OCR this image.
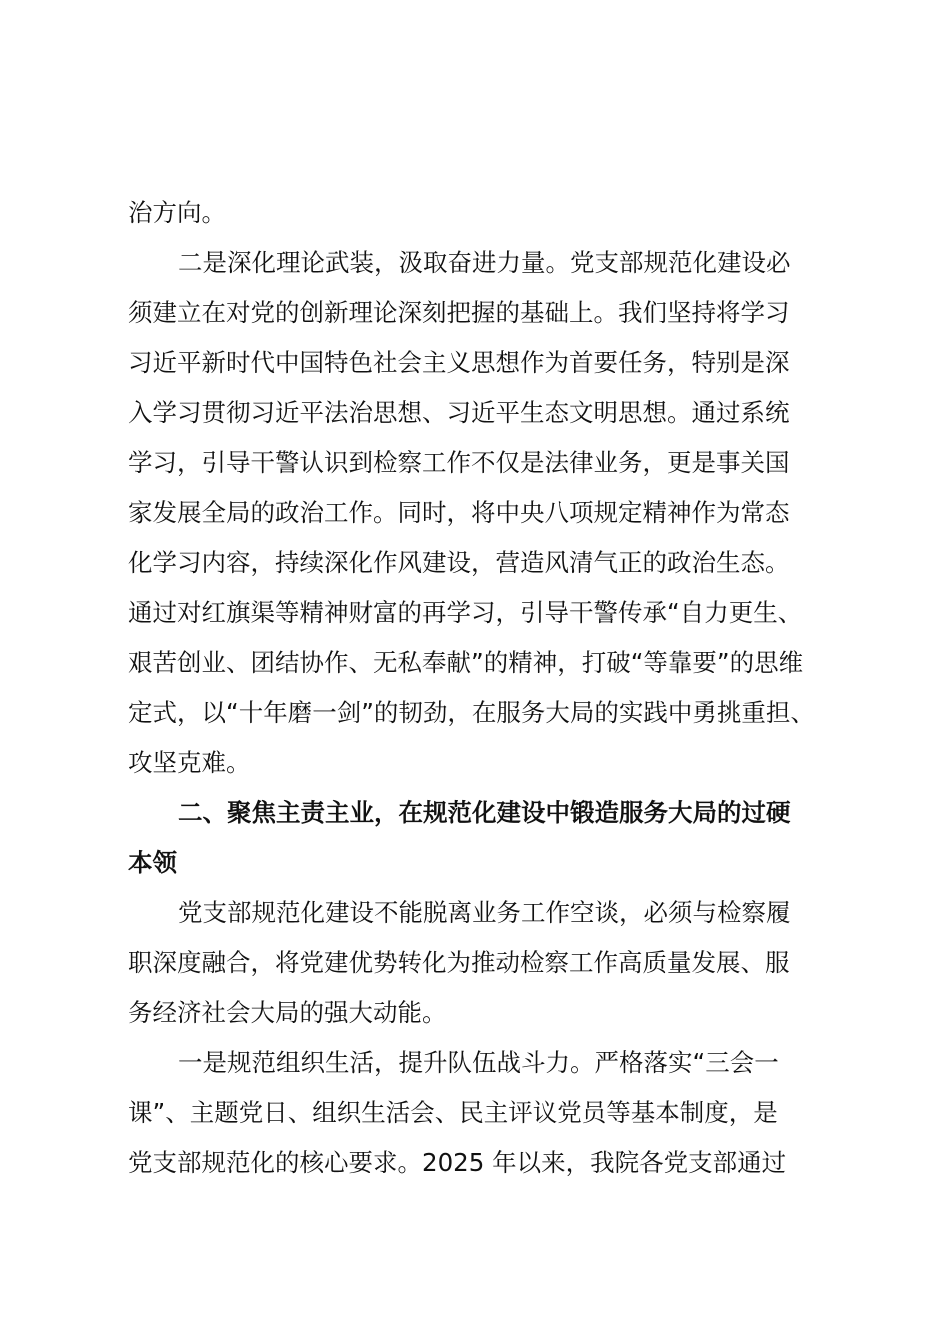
治方向。
二是深化理论武装，汲取奋进力量。党支部规范化建设必
须建立在对党的创新理论深刻把握的基础上。我们坚持将学习
习近平新时代中国特色社会主义思想作为首要任务，特别是深
入学习贯彻习近平法治思想、习近平生态文明思想。通过系统
学习，引导干警认识到检察工作不仅是法律业务，更是事关国
家发展全局的政治工作。同时，将中央八项规定精神作为常态
化学习内容，持续深化作风建设，营造风清气正的政治生态。
通过对红旗渠等精神财富的再学习，引导干警传承“自力更生、
艰苦创业、团结协作、无私奉献”的精神，打破“等靠要”的思维
定式，以“十年磨一剑”的韧劲，在服务大局的实践中勇挑重担、
攻坚克难。
二、聚焦主责主业，在规范化建设中锻造服务大局的过硬
本领
党支部规范化建设不能脱离业务工作空谈，必须与检察履
职深度融合，将党建优势转化为推动检察工作高质量发展、服
务经济社会大局的强大动能。
一是规范组织生活，提升队伍战斗力。严格落实“三会一
课”、主题党日、组织生活会、民主评议党员等基本制度，是
党支部规范化的核心要求。2025 年以来，我院各党支部通过
